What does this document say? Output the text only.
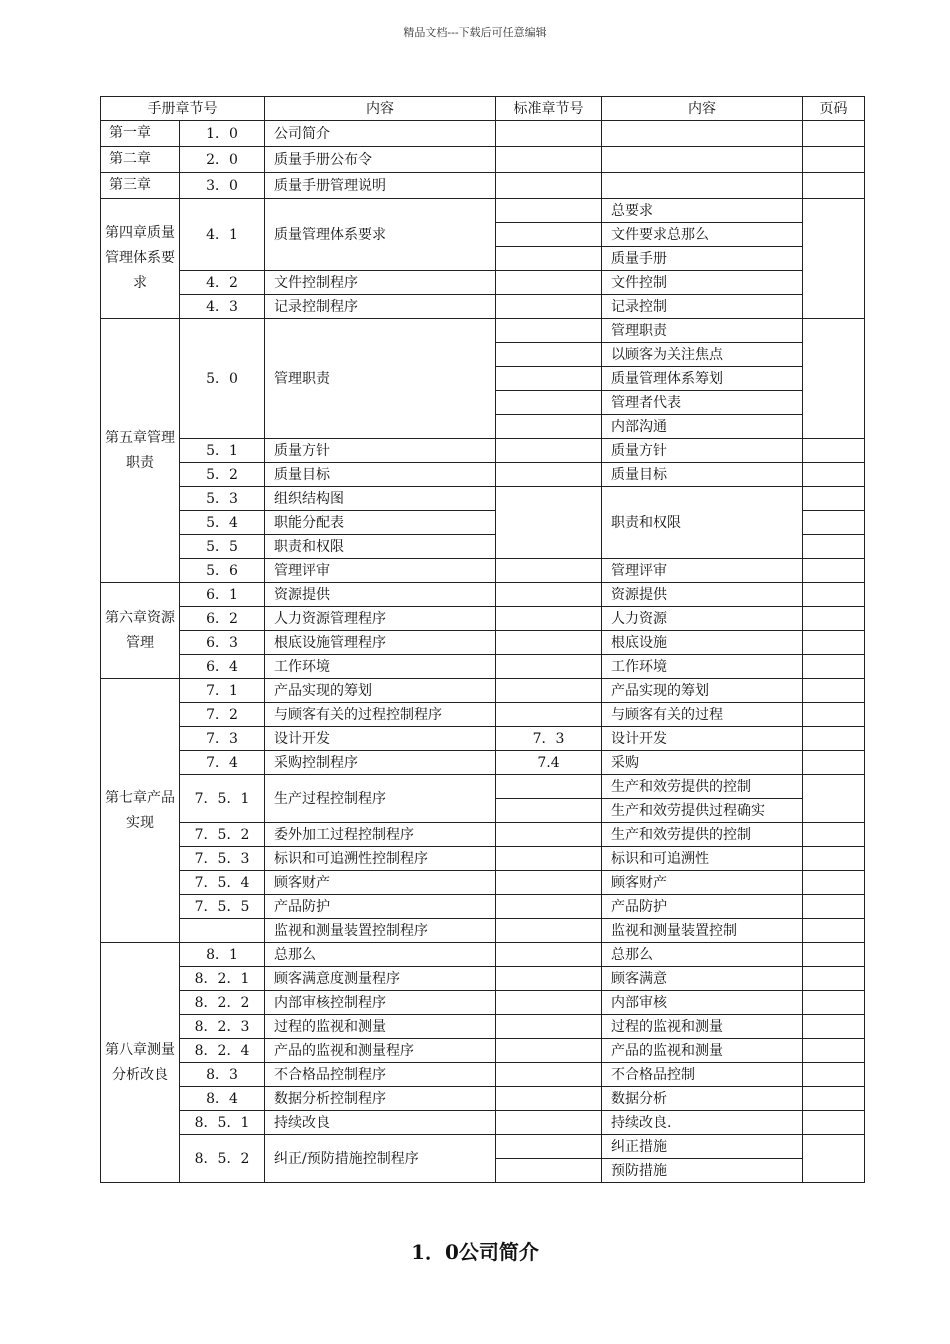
精品文档---下载后可任意编辑
手册章节号		内容	标准章节号	内容	页码
第一章	1．0	公司简介			
第二章	2．0	质量手册公布令			
第三章	3．0	质量手册管理说明			
第四章质量管理体系要求	4．1	质量管理体系要求		总要求	
				文件要求总那么	
				质量手册	
	4．2	文件控制程序		文件控制	
	4．3	记录控制程序		记录控制	
第五章管理职责	5．0	管理职责		管理职责	
				以顾客为关注焦点	
				质量管理体系筹划	
				管理者代表	
				内部沟通	
	5．1	质量方针		质量方针	
	5．2	质量目标		质量目标	
	5．3	组织结构图		职责和权限	
	5．4	职能分配表			
	5．5	职责和权限			
	5．6	管理评审		管理评审	
第六章资源管理	6．1	资源提供		资源提供	
	6．2	人力资源管理程序		人力资源	
	6．3	根底设施管理程序		根底设施	
	6．4	工作环境		工作环境	
第七章产品实现	7．1	产品实现的筹划		产品实现的筹划	
	7．2	与顾客有关的过程控制程序		与顾客有关的过程	
	7．3	设计开发	7．3	设计开发	
	7．4	采购控制程序	7.4	采购	
	7．5．1	生产过程控制程序		生产和效劳提供的控制	
				生产和效劳提供过程确实	
	7．5．2	委外加工过程控制程序		生产和效劳提供的控制	
	7．5．3	标识和可追溯性控制程序		标识和可追溯性	
	7．5．4	顾客财产		顾客财产	
	7．5．5	产品防护		产品防护	
		监视和测量装置控制程序		监视和测量装置控制	
第八章测量分析改良	8．1	总那么		总那么	
	8．2．1	顾客满意度测量程序		顾客满意	
	8．2．2	内部审核控制程序		内部审核	
	8．2．3	过程的监视和测量		过程的监视和测量	
	8．2．4	产品的监视和测量程序		产品的监视和测量	
	8．3	不合格品控制程序		不合格品控制	
	8．4	数据分析控制程序		数据分析	
	8．5．1	持续改良		持续改良.	
	8．5．2	纠正/预防措施控制程序		纠正措施	
				预防措施	
1．0公司简介
